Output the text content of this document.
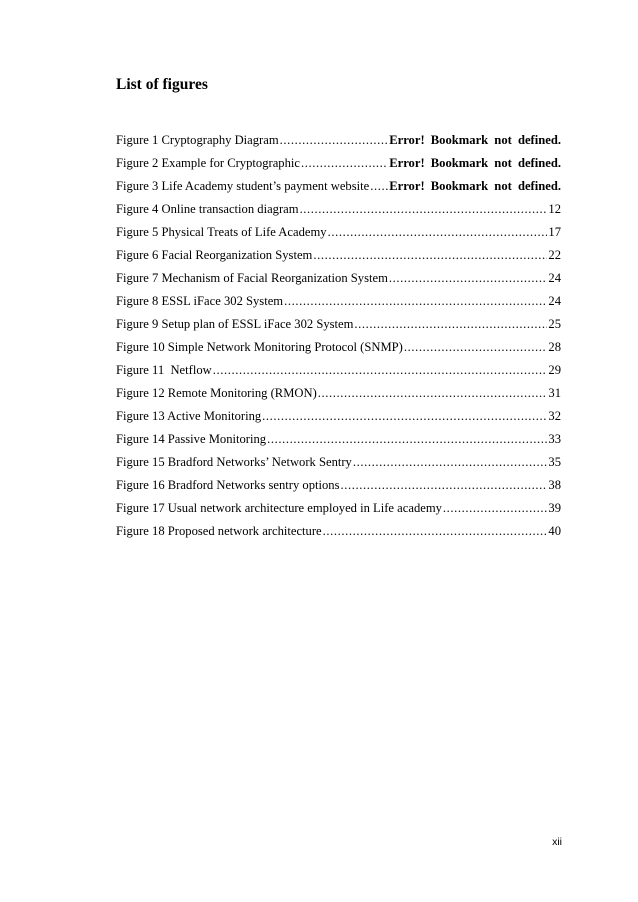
List of figures
Figure 1 Cryptography Diagram .....	Error! Bookmark not defined.
Figure 2 Example for Cryptographic .....	Error! Bookmark not defined.
Figure 3 Life Academy student’s payment website ..... Error! Bookmark not defined.
Figure 4 Online transaction diagram .....	12
Figure 5 Physical Treats of Life Academy .....	17
Figure 6 Facial Reorganization System .....	22
Figure 7 Mechanism of Facial Reorganization System .....	24
Figure 8 ESSL iFace 302 System .....	24
Figure 9 Setup plan of ESSL iFace 302 System .....	25
Figure 10 Simple Network Monitoring Protocol (SNMP) .....	28
Figure 11  Netflow .....	29
Figure 12 Remote Monitoring (RMON) .....	31
Figure 13 Active Monitoring .....	32
Figure 14 Passive Monitoring .....	33
Figure 15 Bradford Networks’ Network Sentry .....	35
Figure 16 Bradford Networks sentry options .....	38
Figure 17 Usual network architecture employed in Life academy .....	39
Figure 18 Proposed network architecture .....	40

xii
